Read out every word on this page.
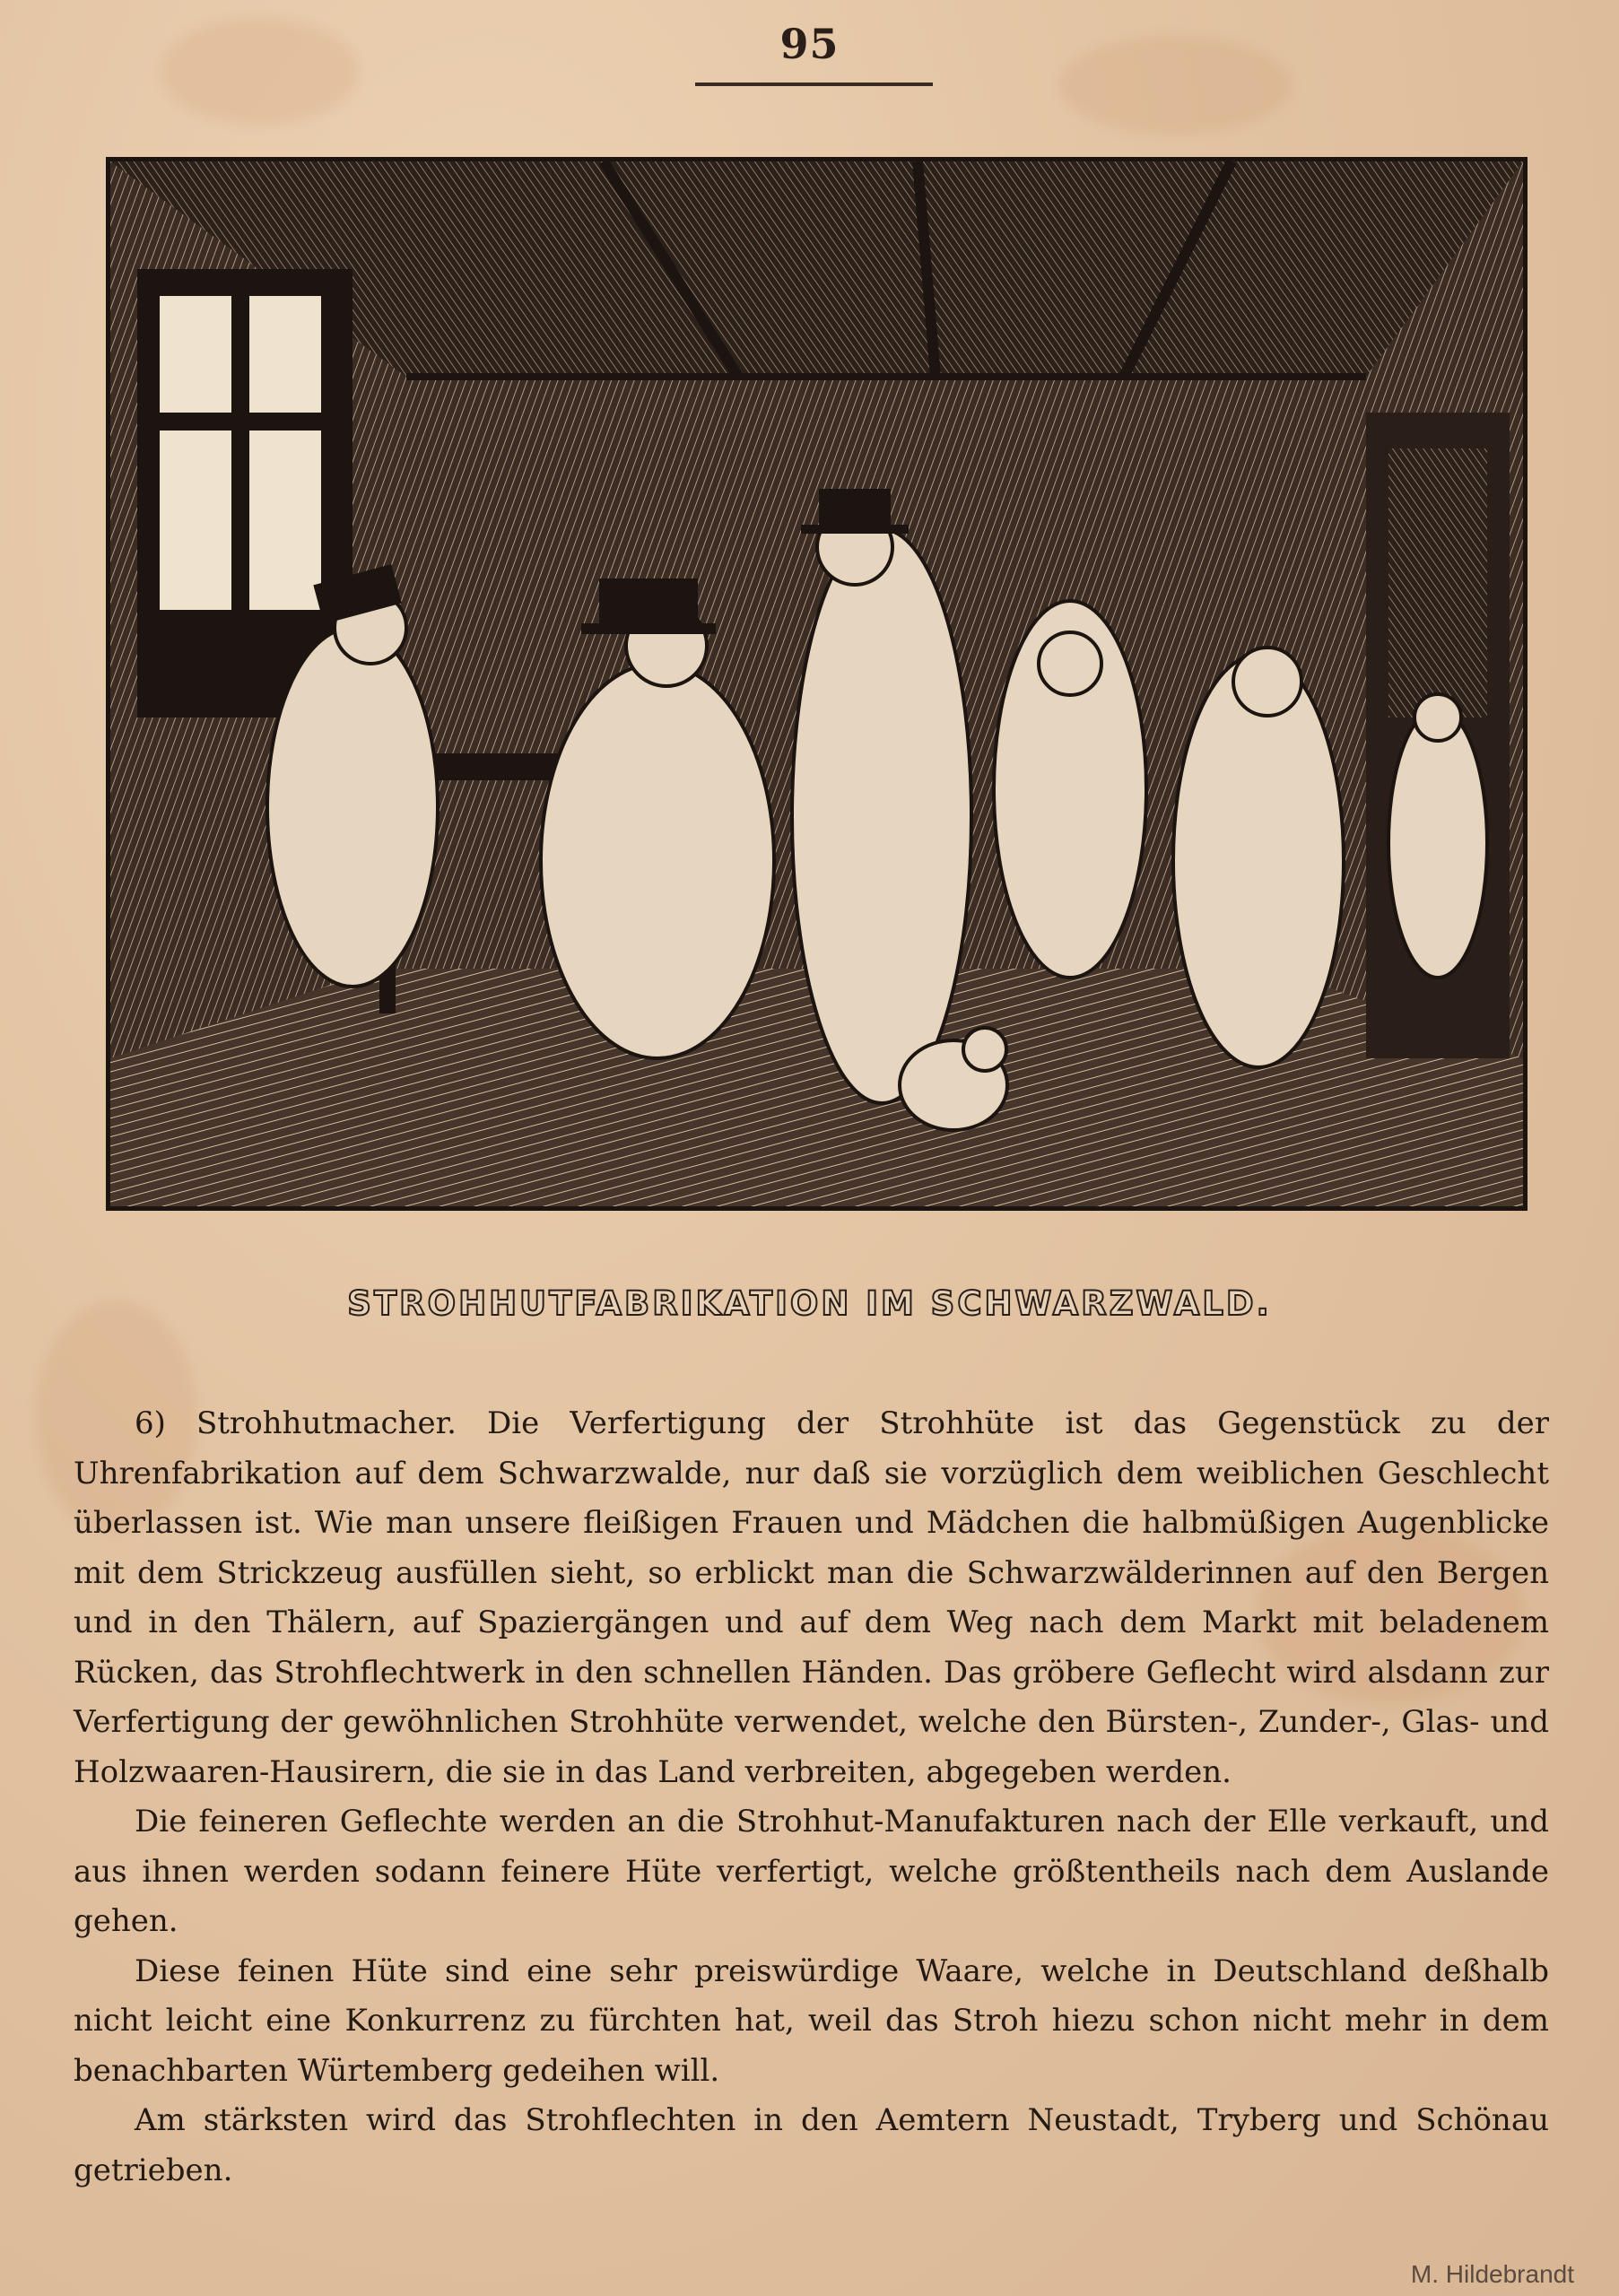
95
STROHHUTFABRIKATION IM SCHWARZWALD.

6) Strohhutmacher. Die Verfertigung der Strohhüte ist das Gegenstück zu der Uhrenfabrikation auf dem Schwarzwalde, nur daß sie vorzüglich dem weiblichen Geschlecht überlassen ist. Wie man unsere fleißigen Frauen und Mädchen die halbmüßigen Augenblicke mit dem Strickzeug ausfüllen sieht, so erblickt man die Schwarzwälderinnen auf den Bergen und in den Thälern, auf Spaziergängen und auf dem Weg nach dem Markt mit beladenem Rücken, das Strohflechtwerk in den schnellen Händen. Das gröbere Geflecht wird alsdann zur Verfertigung der gewöhnlichen Strohhüte verwendet, welche den Bürsten-, Zunder-, Glas- und Holzwaaren-Hausirern, die sie in das Land verbreiten, abgegeben werden.

Die feineren Geflechte werden an die Strohhut-Manufakturen nach der Elle verkauft, und aus ihnen werden sodann feinere Hüte verfertigt, welche größtentheils nach dem Auslande gehen.

Diese feinen Hüte sind eine sehr preiswürdige Waare, welche in Deutschland deßhalb nicht leicht eine Konkurrenz zu fürchten hat, weil das Stroh hiezu schon nicht mehr in dem benachbarten Würtemberg gedeihen will.

Am stärksten wird das Strohflechten in den Aemtern Neustadt, Tryberg und Schönau getrieben.

M. Hildebrandt
